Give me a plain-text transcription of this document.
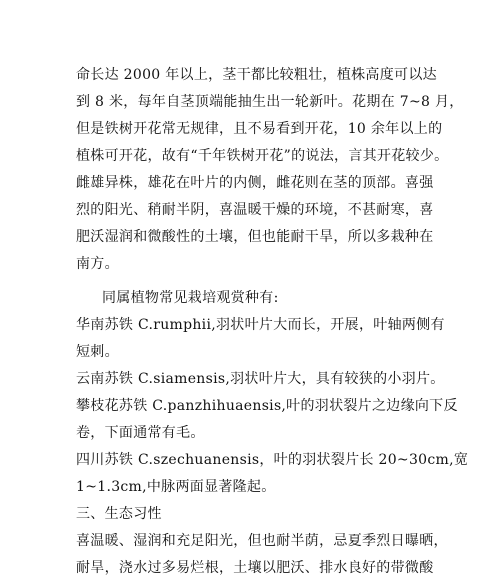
命长达 2000 年以上，茎干都比较粗壮，植株高度可以达
到 8 米，每年自茎顶端能抽生出一轮新叶。花期在 7~8 月，
但是铁树开花常无规律，且不易看到开花，10 余年以上的
植株可开花，故有“千年铁树开花”的说法，言其开花较少。
雌雄异株，雄花在叶片的内侧，雌花则在茎的顶部。喜强
烈的阳光、稍耐半阴，喜温暖干燥的环境，不甚耐寒，喜
肥沃湿润和微酸性的土壤，但也能耐干旱，所以多栽种在
南方。
同属植物常见栽培观赏种有:
华南苏铁 C.rumphii,羽状叶片大而长，开展，叶轴两侧有
短刺。
云南苏铁 C.siamensis,羽状叶片大，具有较狭的小羽片。
攀枝花苏铁 C.panzhihuaensis,叶的羽状裂片之边缘向下反
卷，下面通常有毛。
四川苏铁 C.szechuanensis，叶的羽状裂片长 20~30cm,宽
1~1.3cm,中脉两面显著隆起。
三、生态习性
喜温暖、湿润和充足阳光，但也耐半荫，忌夏季烈日曝晒，
耐旱，浇水过多易烂根，土壤以肥沃、排水良好的带微酸
